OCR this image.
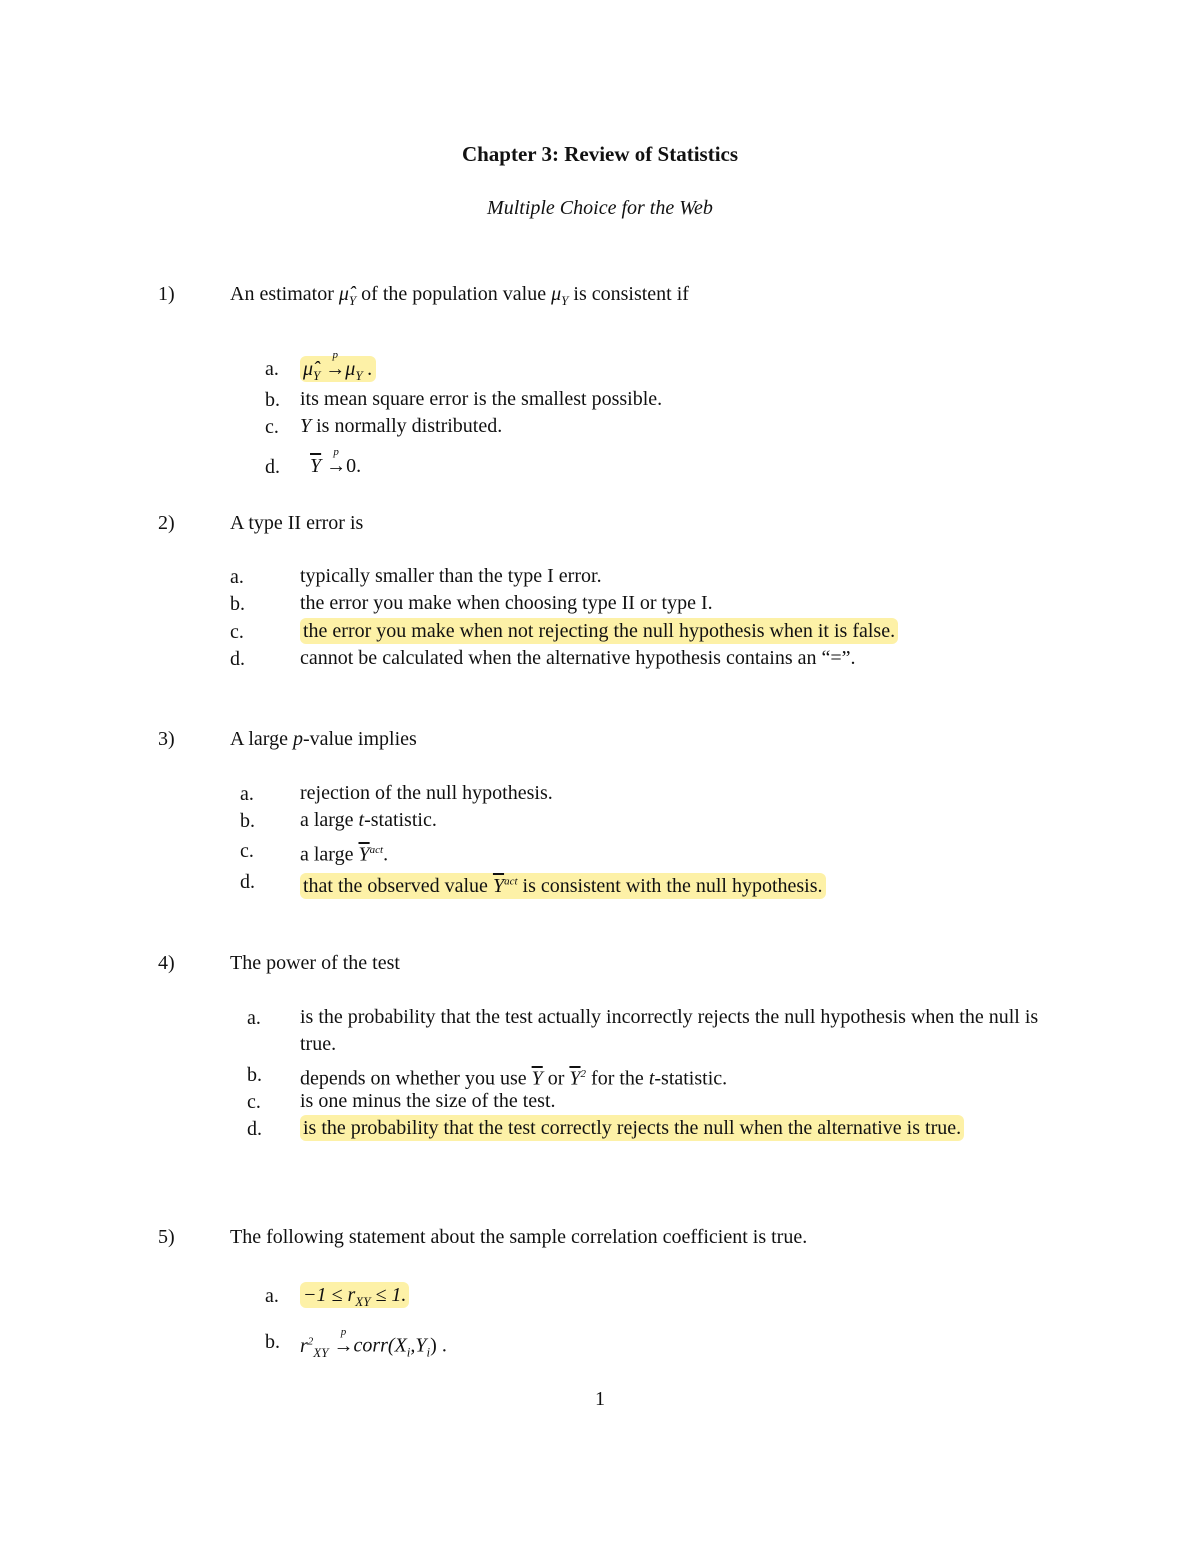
Chapter 3: Review of Statistics
Multiple Choice for the Web
1)	An estimator $\mû_Y$ of the population value $\mu_Y$ is consistent if
a. $\mû_Y$
p
$\to\mu_Y$ .
b. its mean square error is the smallest possible.
c. Y is normally distributed.
d. $\overline{Y}$
p
→0.
2)	A type II error is
a.	typically smaller than the type I error.
b.	the error you make when choosing type II or type I.
c.	the error you make when not rejecting the null hypothesis when it is false.
d.	cannot be calculated when the alternative hypothesis contains an “=”.
3)	A large p-value implies
a. rejection of the null hypothesis.
b. a large t-statistic.
c. a large $\overline{Y}^{act}$.
d. that the observed value $\overline{Y}^{act}$ is consistent with the null hypothesis.
4)	The power of the test
a. is the probability that the test actually incorrectly rejects the null hypothesis when the null is true.
b. depends on whether you use $\overline{Y}$ or $\overline{Y}^2$ for the t-statistic.
c. is one minus the size of the test.
d. is the probability that the test correctly rejects the null when the alternative is true.
5)	The following statement about the sample correlation coefficient is true.
a. $-1 \le r_{XY} \le 1$.
b. $r^2_{XY}$
p
$\to corr(X_i,Y_i)$ .
1
